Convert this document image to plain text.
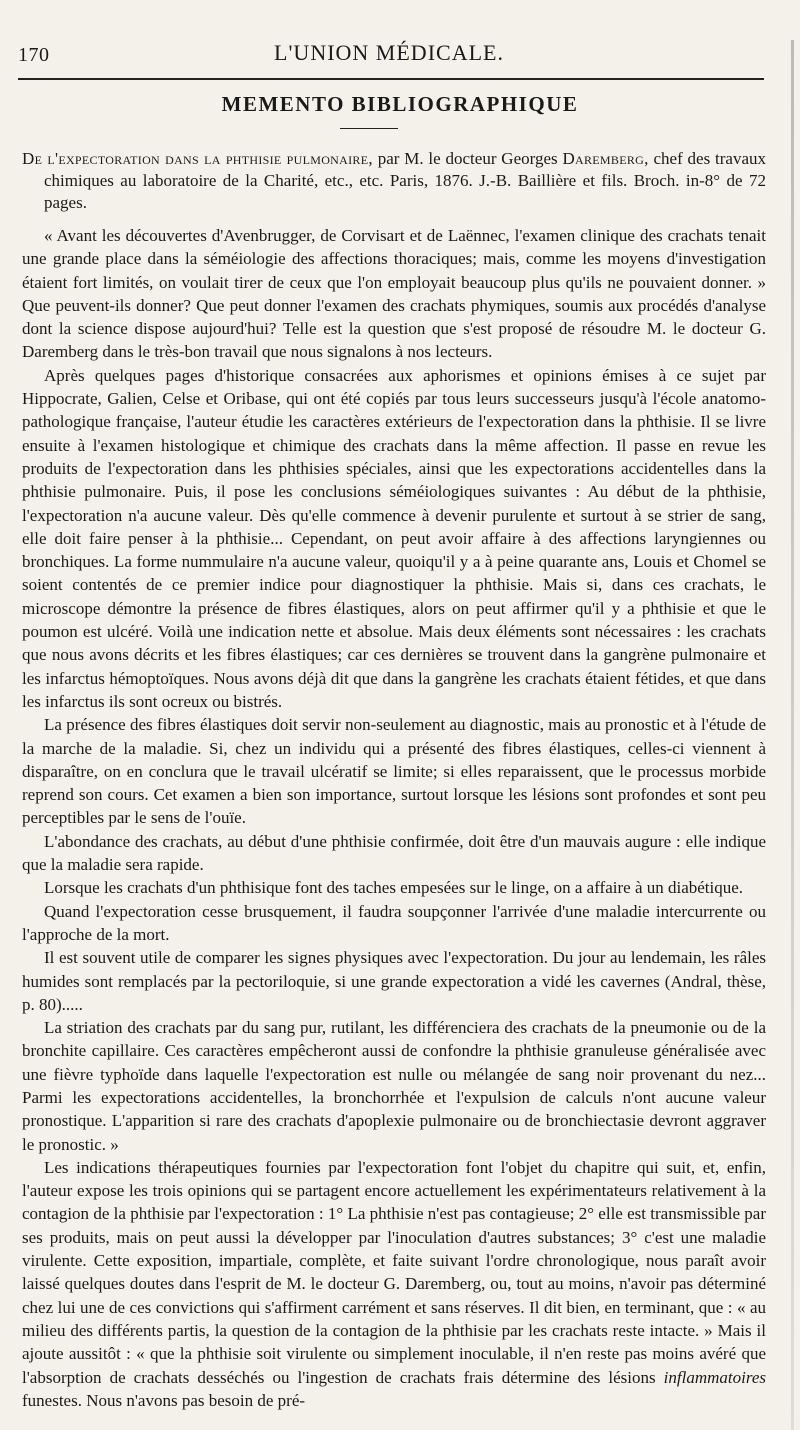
170	L'UNION MÉDICALE.
MEMENTO BIBLIOGRAPHIQUE

De l'expectoration dans la phthisie pulmonaire, par M. le docteur Georges Daremberg, chef des travaux chimiques au laboratoire de la Charité, etc., etc. Paris, 1876. J.-B. Baillière et fils. Broch. in-8° de 72 pages.

« Avant les découvertes d'Avenbrugger, de Corvisart et de Laënnec, l'examen clinique des crachats tenait une grande place dans la séméiologie des affections thoraciques; mais, comme les moyens d'investigation étaient fort limités, on voulait tirer de ceux que l'on employait beaucoup plus qu'ils ne pouvaient donner. » Que peuvent-ils donner? Que peut donner l'examen des crachats phymiques, soumis aux procédés d'analyse dont la science dispose aujourd'hui? Telle est la question que s'est proposé de résoudre M. le docteur G. Daremberg dans le très-bon travail que nous signalons à nos lecteurs.

Après quelques pages d'historique consacrées aux aphorismes et opinions émises à ce sujet par Hippocrate, Galien, Celse et Oribase, qui ont été copiés par tous leurs successeurs jusqu'à l'école anatomo-pathologique française, l'auteur étudie les caractères extérieurs de l'expectoration dans la phthisie. Il se livre ensuite à l'examen histologique et chimique des crachats dans la même affection. Il passe en revue les produits de l'expectoration dans les phthisies spéciales, ainsi que les expectorations accidentelles dans la phthisie pulmonaire. Puis, il pose les conclusions séméiologiques suivantes : Au début de la phthisie, l'expectoration n'a aucune valeur. Dès qu'elle commence à devenir purulente et surtout à se strier de sang, elle doit faire penser à la phthisie... Cependant, on peut avoir affaire à des affections laryngiennes ou bronchiques. La forme nummulaire n'a aucune valeur, quoiqu'il y a à peine quarante ans, Louis et Chomel se soient contentés de ce premier indice pour diagnostiquer la phthisie. Mais si, dans ces crachats, le microscope démontre la présence de fibres élastiques, alors on peut affirmer qu'il y a phthisie et que le poumon est ulcéré. Voilà une indication nette et absolue. Mais deux éléments sont nécessaires : les crachats que nous avons décrits et les fibres élastiques; car ces dernières se trouvent dans la gangrène pulmonaire et les infarctus hémoptoïques. Nous avons déjà dit que dans la gangrène les crachats étaient fétides, et que dans les infarctus ils sont ocreux ou bistrés.

La présence des fibres élastiques doit servir non-seulement au diagnostic, mais au pronostic et à l'étude de la marche de la maladie. Si, chez un individu qui a présenté des fibres élastiques, celles-ci viennent à disparaître, on en conclura que le travail ulcératif se limite; si elles reparaissent, que le processus morbide reprend son cours. Cet examen a bien son importance, surtout lorsque les lésions sont profondes et sont peu perceptibles par le sens de l'ouïe.

L'abondance des crachats, au début d'une phthisie confirmée, doit être d'un mauvais augure : elle indique que la maladie sera rapide.

Lorsque les crachats d'un phthisique font des taches empesées sur le linge, on a affaire à un diabétique.

Quand l'expectoration cesse brusquement, il faudra soupçonner l'arrivée d'une maladie intercurrente ou l'approche de la mort.

Il est souvent utile de comparer les signes physiques avec l'expectoration. Du jour au lendemain, les râles humides sont remplacés par la pectoriloquie, si une grande expectoration a vidé les cavernes (Andral, thèse, p. 80).....

La striation des crachats par du sang pur, rutilant, les différenciera des crachats de la pneumonie ou de la bronchite capillaire. Ces caractères empêcheront aussi de confondre la phthisie granuleuse généralisée avec une fièvre typhoïde dans laquelle l'expectoration est nulle ou mélangée de sang noir provenant du nez... Parmi les expectorations accidentelles, la bronchorrhée et l'expulsion de calculs n'ont aucune valeur pronostique. L'apparition si rare des crachats d'apoplexie pulmonaire ou de bronchiectasie devront aggraver le pronostic. »

Les indications thérapeutiques fournies par l'expectoration font l'objet du chapitre qui suit, et, enfin, l'auteur expose les trois opinions qui se partagent encore actuellement les expérimentateurs relativement à la contagion de la phthisie par l'expectoration : 1° La phthisie n'est pas contagieuse; 2° elle est transmissible par ses produits, mais on peut aussi la développer par l'inoculation d'autres substances; 3° c'est une maladie virulente. Cette exposition, impartiale, complète, et faite suivant l'ordre chronologique, nous paraît avoir laissé quelques doutes dans l'esprit de M. le docteur G. Daremberg, ou, tout au moins, n'avoir pas déterminé chez lui une de ces convictions qui s'affirment carrément et sans réserves. Il dit bien, en terminant, que : « au milieu des différents partis, la question de la contagion de la phthisie par les crachats reste intacte. » Mais il ajoute aussitôt : « que la phthisie soit virulente ou simplement inoculable, il n'en reste pas moins avéré que l'absorption de crachats desséchés ou l'ingestion de crachats frais détermine des lésions inflammatoires funestes. Nous n'avons pas besoin de pré-
